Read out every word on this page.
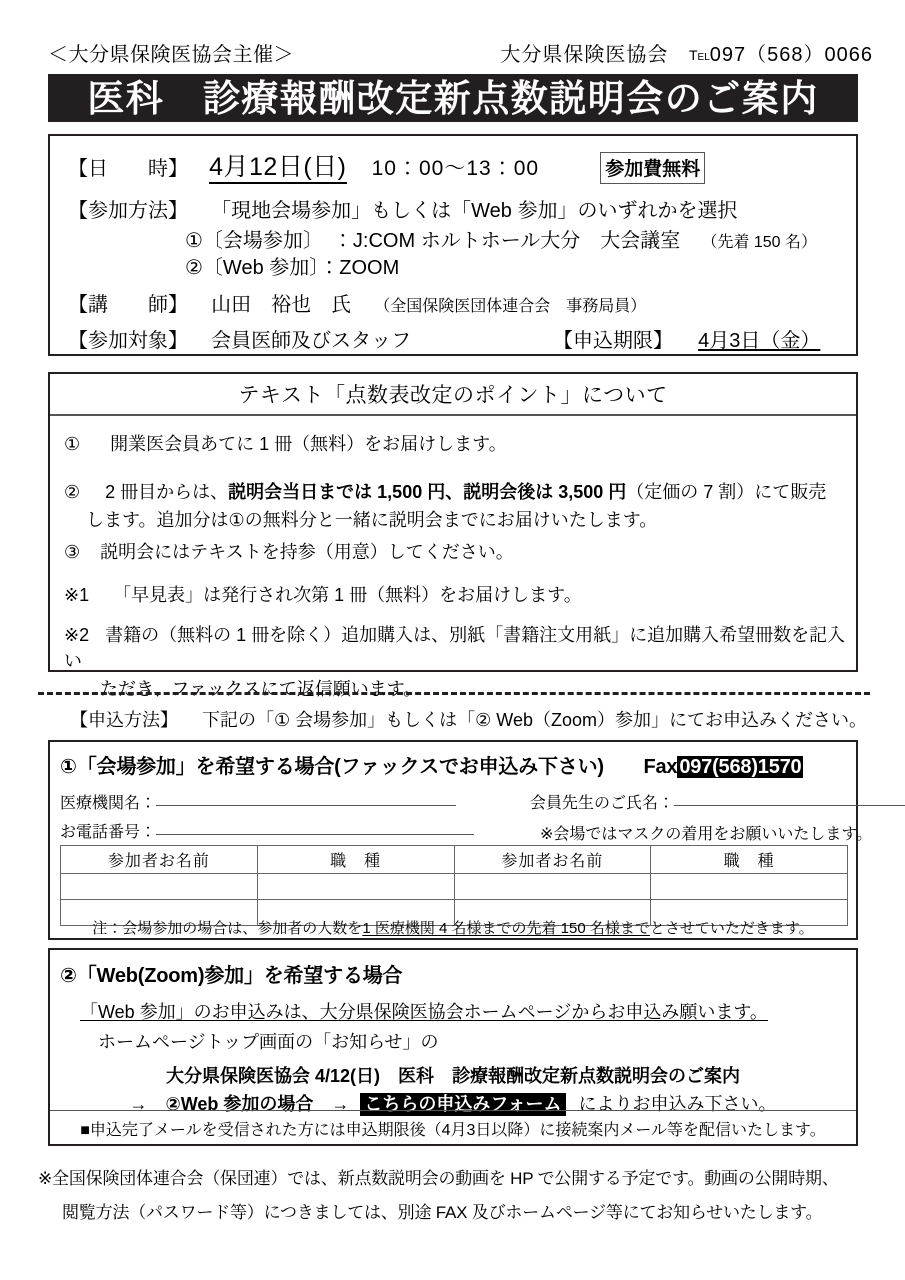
＜大分県保険医協会主催＞	大分県保険医協会 Tel097（568）0066
医科　診療報酬改定新点数説明会のご案内
【日　　時】 4月12日(日) 10：00〜13：00	参加費無料
【参加方法】 「現地会場参加」もしくは「Web 参加」のいずれかを選択
①〔会場参加〕　：J:COM ホルトホール大分　大会議室 （先着 150 名）
②〔Web 参加〕：ZOOM
【講　　師】 山田　裕也　氏 （全国保険医団体連合会　事務局員）
【参加対象】 会員医師及びスタッフ	【申込期限】 4月3日（金）
テキスト「点数表改定のポイント」について
① 開業医会員あてに 1 冊（無料）をお届けします。
② 2 冊目からは、説明会当日までは 1,500 円、説明会後は 3,500 円（定価の 7 割）にて販売
します。追加分は①の無料分と一緒に説明会までにお届けいたします。
③ 説明会にはテキストを持参（用意）してください。
※1 「早見表」は発行され次第 1 冊（無料）をお届けします。
※2 書籍の（無料の 1 冊を除く）追加購入は、別紙「書籍注文用紙」に追加購入希望冊数を記入い
ただき、ファックスにて返信願います。
【申込方法】 下記の「① 会場参加」もしくは「② Web（Zoom）参加」にてお申込みください。
①「会場参加」を希望する場合(ファックスでお申込み下さい)　　Fax 097(568)1570
医療機関名：	会員先生のご氏名：
お電話番号：	※会場ではマスクの着用をお願いいたします。
参加者お名前	職　種	参加者お名前	職　種

注：会場参加の場合は、参加者の人数を1 医療機関 4 名様までの先着 150 名様までとさせていただきます。
②「Web(Zoom)参加」を希望する場合
「Web 参加」のお申込みは、大分県保険医協会ホームページからお申込み願います。
ホームページトップ画面の「お知らせ」の
大分県保険医協会 4/12(日)　医科　診療報酬改定新点数説明会のご案内
→　②Web 参加の場合　→ こちらの申込みフォーム によりお申込み下さい。
■申込完了メールを受信された方には申込期限後（4月3日以降）に接続案内メール等を配信いたします。
※全国保険団体連合会（保団連）では、新点数説明会の動画を HP で公開する予定です。動画の公開時期、
閲覧方法（パスワード等）につきましては、別途 FAX 及びホームページ等にてお知らせいたします。
